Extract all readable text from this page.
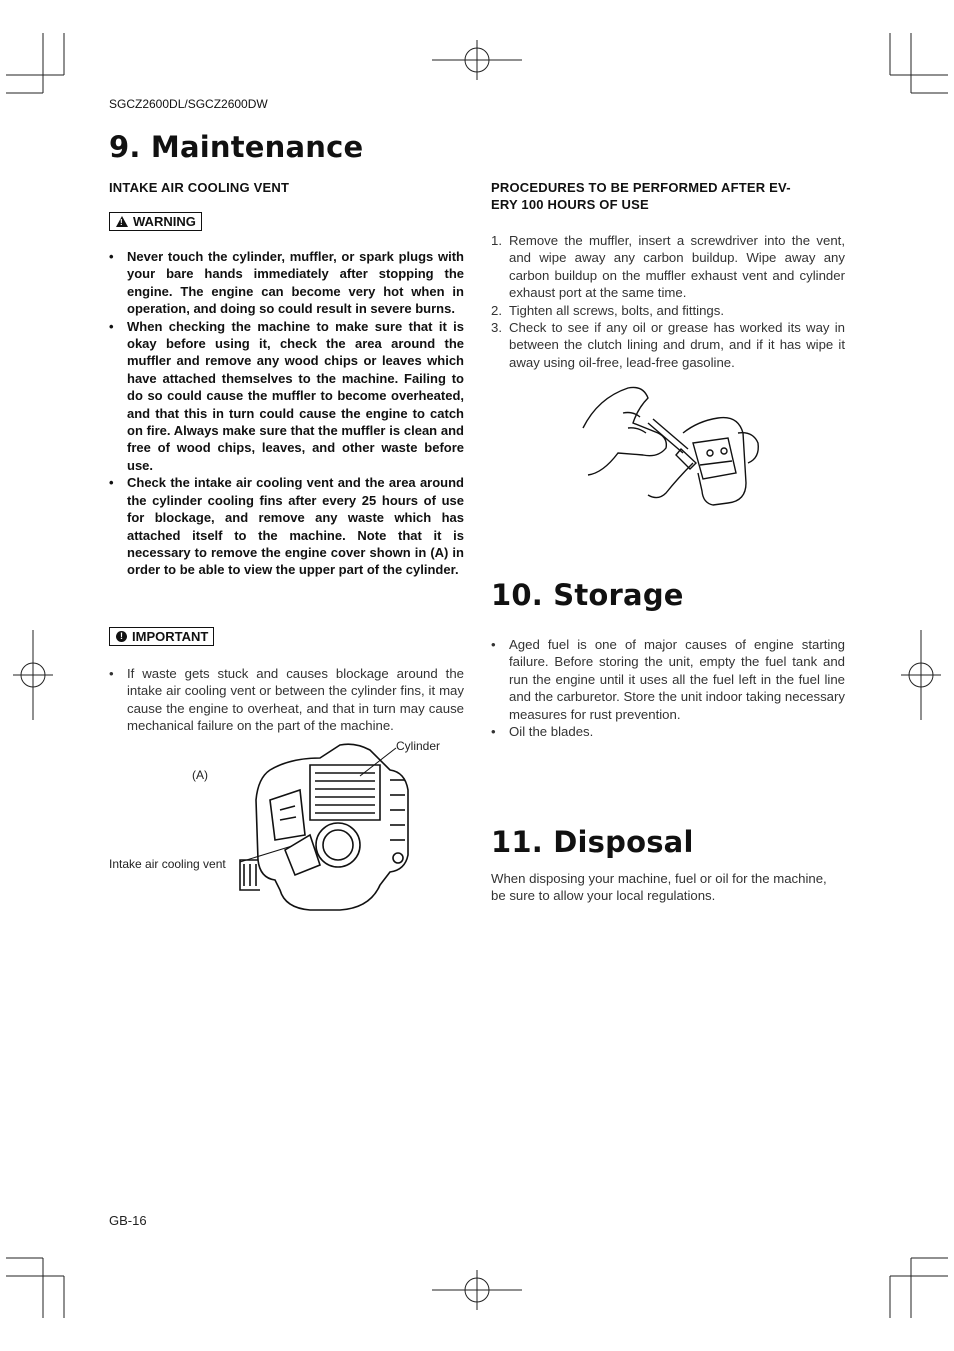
SGCZ2600DL/SGCZ2600DW
9. Maintenance
INTAKE AIR COOLING VENT
! WARNING
• Never touch the cylinder, muffler, or spark plugs with your bare hands immediately after stopping the engine. The engine can become very hot when in operation, and doing so could result in severe burns.
• When checking the machine to make sure that it is okay before using it, check the area around the muffler and remove any wood chips or leaves which have attached themselves to the machine. Failing to do so could cause the muffler to become overheated, and that this in turn could cause the engine to catch on fire. Always make sure that the muffler is clean and free of wood chips, leaves, and other waste before use.
• Check the intake air cooling vent and the area around the cylinder cooling fins after every 25 hours of use for blockage, and remove any waste which has attached itself to the machine. Note that it is necessary to remove the engine cover shown in (A) in order to be able to view the upper part of the cylinder.
! IMPORTANT
• If waste gets stuck and causes blockage around the intake air cooling vent or between the cylinder fins, it may cause the engine to overheat, and that in turn may cause mechanical failure on the part of the machine.
(A)
Cylinder
Intake air cooling vent
PROCEDURES TO BE PERFORMED AFTER EV-
ERY 100 HOURS OF USE
1. Remove the muffler, insert a screwdriver into the vent, and wipe away any carbon buildup. Wipe away any carbon buildup on the muffler exhaust vent and cylinder exhaust port at the same time.
2. Tighten all screws, bolts, and fittings.
3. Check to see if any oil or grease has worked its way in between the clutch lining and drum, and if it has wipe it away using oil-free, lead-free gasoline.
10. Storage
• Aged fuel is one of major causes of engine starting failure. Before storing the unit, empty the fuel tank and run the engine until it uses all the fuel left in the fuel line and the carburetor. Store the unit indoor taking necessary measures for rust prevention.
• Oil the blades.
11. Disposal
When disposing your machine, fuel or oil for the machine, be sure to allow your local regulations.
GB-16
